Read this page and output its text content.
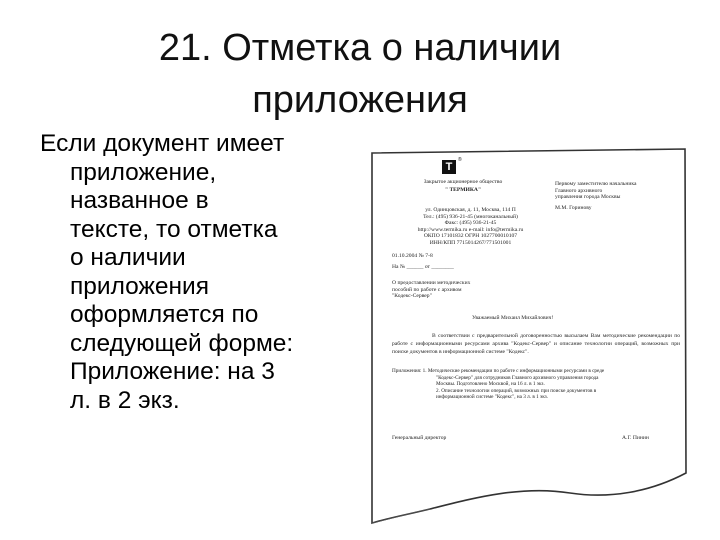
21. Отметка о наличии
приложения
Если документ имеет
приложение,
названное в
тексте, то отметка
о наличии
приложения
оформляется по
следующей форме:
Приложение: на 3
л. в 2 экз.
Т
®
Закрытое акционерное общество
" ТЕРМИКА"
ул. Одинцовская, д. 11, Москва, 114 П
Тел.: (495) 936-21-45 (многоканальный)
Факс: (495) 936-21-45
http://www.termika.ru e-mail: info@termika.ru
ОКПО 17101832 ОГРН 1027700010107
ИНН/КПП 7715014267/771501001
01.10.2004 № 7-8
На № ______ от ________
Первому заместителю начальника
Главного архивного
управления города Москвы
М.М. Горинову
О предоставлении методических
пособий по работе с архивом
"Кодекс-Сервер"
Уважаемый Михаил Михайлович!
В соответствии с предварительной договоренностью высылаем Вам методические рекомендации по работе с информационными ресурсами архива "Кодекс-Сервер" и описание технологии операций, возможных при поиске документов в информационной системе "Кодекс".
Приложения: 1. Методические рекомендации по работе с информационными ресурсами в среде
"Кодекс-Сервер" для сотрудников Главного архивного управления города
Москвы. Подготовлено Москвой, на 16 л. в 1 экз.
2. Описание технологии операций, возможных при поиске документов в
информационной системе "Кодекс", на 3 л. в 1 экз.
Генеральный директор	А.Г. Пинин
